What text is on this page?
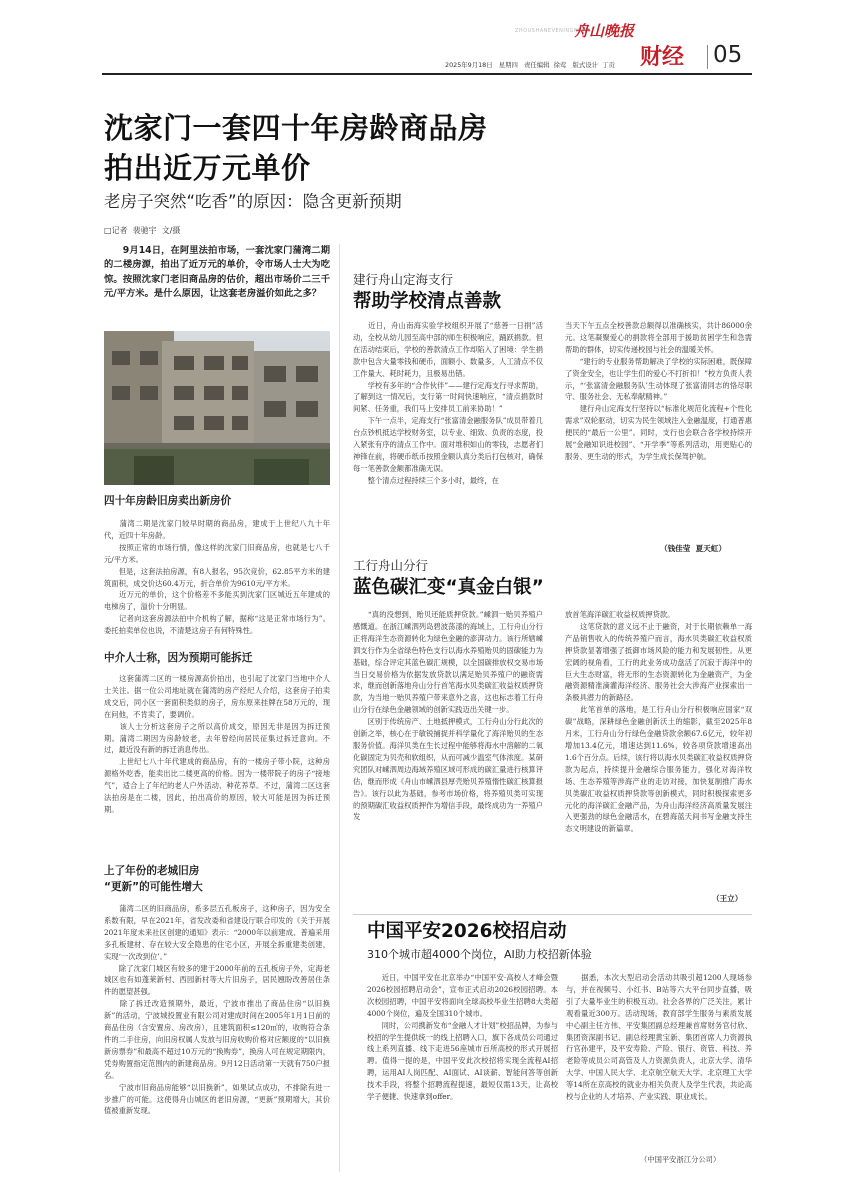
ZHOUSHANEVENINGNEWS
舟山晚报
2025年9月18日   星期四   责任编辑  徐莺   版式设计  丁贡 财经 05
沈家门一套四十年房龄商品房
拍出近万元单价
老房子突然“吃香”的原因：隐含更新预期
□记者  裴驰宇  文/摄
　　9月14日，在阿里法拍市场，一套沈家门蒲湾二期的二楼房源，拍出了近万元的单价，令市场人士大为吃惊。按照沈家门老旧商品房的估价，超出市场价二三千元/平方米。是什么原因，让这套老房溢价如此之多？
四十年房龄旧房卖出新房价
　　蒲湾二期是沈家门较早时期的商品房，建成于上世纪八九十年代，近四十年房龄。
　　按照正常的市场行情，像这样的沈家门旧商品房，也就是七八千元/平方米。
　　但是，这套法拍房源，有8人报名，95次竞价，62.85平方米的建筑面积，成交价达60.4万元，折合单价为9610元/平方米。
　　近万元的单价，这个价格差不多能买到沈家门区城近五年建成的电梯房了，溢价十分明显。
　　记者向这套房源法拍中介机构了解，据称“这是正常市场行为”。委托拍卖单位也说，不清楚这房子有何特殊性。
中介人士称，因为预期可能拆迁
　　这套蒲湾二区的一楼房源高价拍出，也引起了沈家门当地中介人士关注。据一位公司地址就在蒲湾的房产经纪人介绍，这套房子拍卖成交后，同小区一套面积类似的房子，房东原来挂牌在58万元的，现在问他，不肯卖了，要调价。
　　该人士分析这套房子之所以高价成交，原因无非是因为拆迁预期。蒲湾二期因为房龄较老，去年曾经向居民征集过拆迁意向。不过，最近没有新的拆迁消息传出。
　　上世纪七八十年代建成的商品房，有的一楼房子带小院，这种房源格外吃香，能卖出比二楼更高的价格。因为一楼带院子的房子“接地气”，适合上了年纪的老人户外活动、种花养草。不过，蒲湾二区这套法拍房是在二楼，因此，拍出高价的原因，较大可能是因为拆迁预期。
上了年份的老城旧房
“更新”的可能性增大
　　蒲湾二区的旧商品房，系多层五孔板房子，这种房子，因为安全系数有限，早在2021年，省发改委和省建设厅联合印发的《关于开展2021年度未来社区创建的通知》表示：“2000年以前建成、普遍采用多孔板建材、存在较大安全隐患的住宅小区，开展全拆重建类创建，实现‘一次改到位’。”
　　除了沈家门城区有较多的建于2000年前的五孔板房子外，定海老城区也有如蓬莱新村、西园新村等大片旧房子，居民翘盼改善居住条件的愿望甚强。
　　除了拆迁改造预期外，最近，宁波市推出了商品住房“以旧换新”的活动，宁波城投置业有限公司对建成时间在2005年1月1日前的商品住房（含安置房、房改房），且建筑面积≤120㎡的，收购符合条件的二手住房，向旧房权属人发放与旧房收购价格对应额度的“以旧换新房票券”和最高不超过10万元的“换购券”，换房人可在规定期限内，凭券购置指定范围内的新建商品房。9月12日活动第一天就有750户报名。
　　宁波市旧商品房能够“以旧换新”，如果试点成功，不排除有进一步推广的可能。这使得舟山城区的老旧房源，“更新”预期增大，其价值被重新发现。
建行舟山定海支行
帮助学校清点善款
　　近日，舟山南海实验学校组织开展了“慈善一日捐”活动，全校从幼儿园至高中部的师生积极响应，踊跃捐款。但在活动结束后，学校的善款清点工作却陷入了困境：学生捐款中包含大量零钱和硬币，面额小、数量多，人工清点不仅工作量大、耗时耗力，且极易出错。
　　学校有多年的“合作伙伴”——建行定海支行寻求帮助，了解到这一情况后，支行第一时间快速响应，“清点捐款时间紧、任务重，我们马上安排员工前来协助！”
　　下午一点半，定海支行“张富清金融服务队”成员带着几台点钞机抵达学校财务室，以专业、细致、负责的态度，投入紧张有序的清点工作中。面对堆积如山的零钱，志愿者们神锋在前，将硬币纸币按照金额认真分类后打包核对，确保每一笔善款金额都准确无误。
　　整个清点过程持续三个多小时，最终，在
当天下午五点全校善款总额得以准确核实，共计86000余元。这笔凝聚爱心的捐款将全部用于援助贫困学生和急需帮助的群体，切实传递校园与社会的温暖关怀。
　　“建行的专业服务帮助解决了学校的实际困难，既保障了资金安全，也让学生们的爱心不打折扣！”校方负责人表示，“‘张富清金融服务队’生动体现了张富清同志的恪尽职守、服务社会、无私奉献精神。”
　　建行舟山定海支行坚持以“标准化规范化流程+个性化需求”双轮驱动，切实为民生领域注入金融温度，打通普惠便民的“最后一公里”。同时，支行也会联合各学校持续开展“金融知识进校园”、“开学季”等系列活动，用更贴心的服务、更生动的形式，为学生成长保驾护航。
（钱佳莹  夏天虹）
工行舟山分行
蓝色碳汇变“真金白银”
　　“真的没想到，贻贝还能质押贷款。”嵊泗一贻贝养殖户感慨道。在浙江嵊泗列岛碧波荡漾的海域上，工行舟山分行正将海洋生态资源转化为绿色金融的澎湃动力。该行所辖嵊泗支行作为全省绿色特色支行以海水养殖贻贝的固碳能力为基础，综合评定其蓝色碳汇规模，以全国碳排放权交易市场当日交易价格为依据发放贷款以满足贻贝养殖户的融资需求，继而创新落地舟山分行首笔海水贝类碳汇收益权质押贷款，为当地一贻贝养殖户带来意外之喜，这也标志着工行舟山分行在绿色金融领域的创新实践迈出关键一步。
　　区别于传统房产、土地抵押模式，工行舟山分行此次的创新之举，核心在于敏锐捕捉并科学量化了海洋贻贝的生态服务价值。海洋贝类在生长过程中能够将海水中溶解的二氧化碳固定为贝壳和软组织，从而可减少温室气体浓度。某研究团队对嵊泗周边海域养殖区域可形成的碳汇量进行核算评估，继而形成《舟山市嵊泗县厚壳贻贝养殖惰性碳汇核算报告》。该行以此为基础，参考市场价格，将养殖贝类可实现的预期碳汇收益权质押作为增信手段，最终成功为一养殖户发
放首笔海洋碳汇收益权质押贷款。
　　这笔贷款的意义远不止于融资，对于长期依赖单一海产品销售收入的传统养殖户而言，海水贝类碳汇收益权质押贷款显著增强了抵御市场风险的能力和发展韧性。从更宏阔的视角看，工行的此业务成功盘活了沉寂于海洋中的巨大生态财富，将无形的生态资源转化为金融资产，为金融资源精准滴灌海洋经济、服务社会大涉海产业探索出一条极具潜力的新路径。
　　此笔首单的落地，是工行舟山分行积极响应国家“双碳”战略，深耕绿色金融创新沃土的缩影，截至2025年8月末，工行舟山分行绿色金融贷款余额67.6亿元，较年初增加13.4亿元，增速达到11.6%，较各项贷款增速高出1.6个百分点。后续，该行将以海水贝类碳汇收益权质押贷款为起点，持续提升金融综合服务能力，强化对海洋牧场、生态养殖等涉海产业的走访对接，加快复制推广海水贝类碳汇收益权质押贷款等创新模式，同时积极探索更多元化的海洋碳汇金融产品，为舟山海洋经济高质量发展注入更强劲的绿色金融活水，在碧海蓝天间书写金融支持生态文明建设的新篇章。
（王立）
中国平安2026校招启动
310个城市超4000个岗位，AI助力校招新体验
　　近日，中国平安在北京举办“中国平安·高校人才峰会暨2026校园招聘启动会”，宣布正式启动2026校园招聘。本次校园招聘，中国平安将面向全球高校毕业生招聘8大类超4000个岗位，遍及全国310个城市。
　　同时，公司携新发布“金融人才计划”校招品牌，为参与校招的学生提供统一的线上招聘入口，旗下各成员公司通过线上系列直播、线下走进56座城市百所高校的形式开展招聘。值得一提的是，中国平安此次校招将实现全流程AI招聘，运用AI人岗匹配、AI面试、AI谈薪、智能问答等创新技术手段，将整个招聘流程提速，最短仅需13天，让高校学子便捷、快速拿到offer。
　　据悉，本次大型启动会活动共吸引超1200人现场参与，并在视频号、小红书、B站等六大平台同步直播，吸引了大量毕业生的积极互动。社会各界的广泛关注，累计观看量近300万。活动现场，教育部学生服务与素质发展中心副主任方伟、平安集团副总经理兼首席财务官付欣、集团资深副书记、副总经理黄宝新、集团首席人力资源执行官孙建平，及平安寿险、产险、银行、资管、科技、养老险等成员公司高管及人力资源负责人，北京大学、清华大学、中国人民大学、北京航空航天大学、北京理工大学等14所在京高校的就业办相关负责人及学生代表，共论高校与企业的人才培养、产业实践、职业成长。
（中国平安浙江分公司）
